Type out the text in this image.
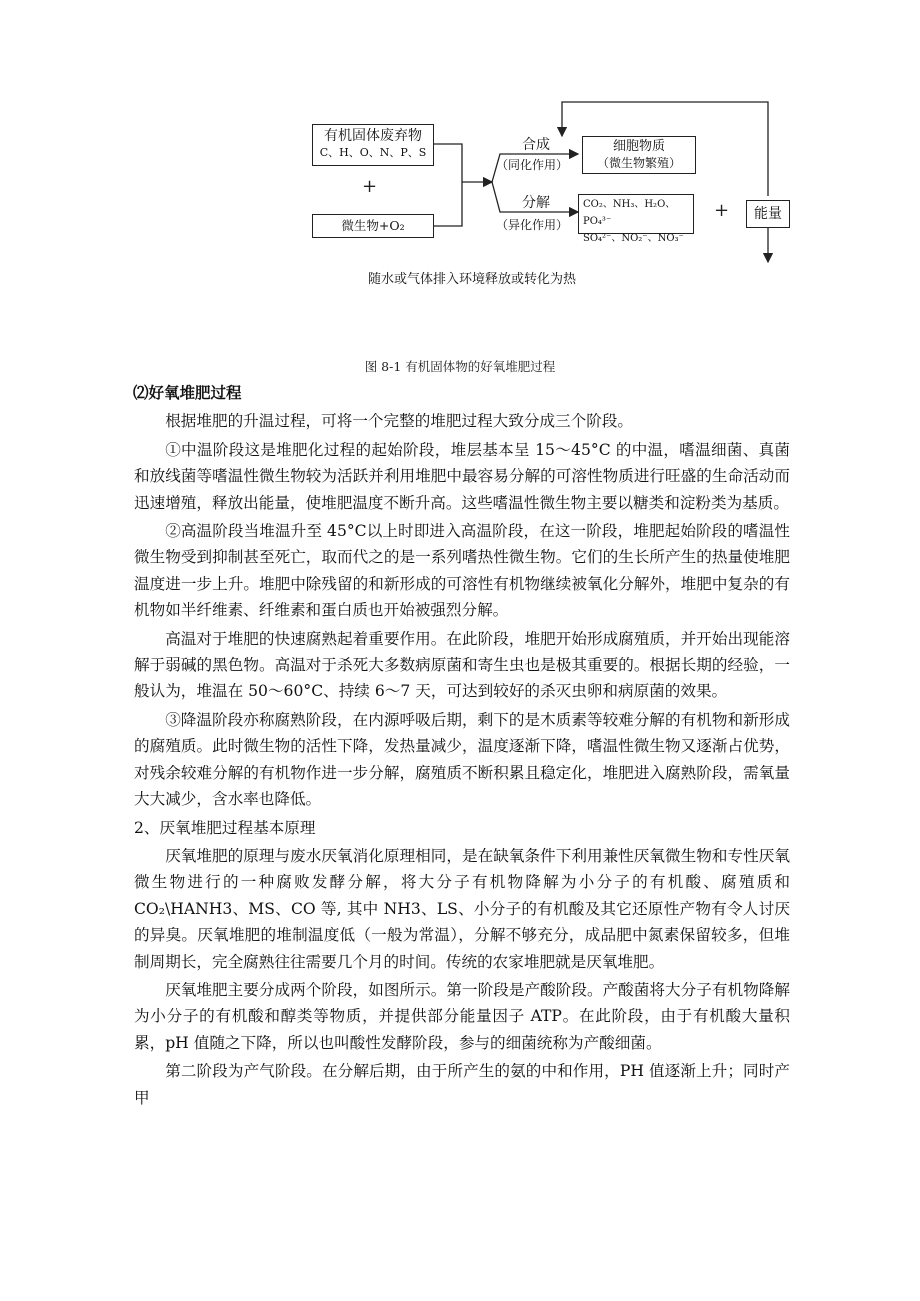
有机固体废弃物
C、H、O、N、P、S
+
微生物+O₂
合成
（同化作用）
细胞物质
（微生物繁殖）
分解
（异化作用）
CO₂、NH₃、H₂O、PO₄³⁻
SO₄²⁻、NO₂⁻、NO₃⁻
+	能量
随水或气体排入环境释放或转化为热
图 8-1 有机固体物的好氧堆肥过程

⑵好氧堆肥过程

根据堆肥的升温过程，可将一个完整的堆肥过程大致分成三个阶段。

①中温阶段这是堆肥化过程的起始阶段，堆层基本呈 15～45°C 的中温，嗜温细菌、真菌和放线菌等嗜温性微生物较为活跃并利用堆肥中最容易分解的可溶性物质进行旺盛的生命活动而迅速增殖，释放出能量，使堆肥温度不断升高。这些嗜温性微生物主要以糖类和淀粉类为基质。

②高温阶段当堆温升至 45°C以上时即进入高温阶段，在这一阶段，堆肥起始阶段的嗜温性微生物受到抑制甚至死亡，取而代之的是一系列嗜热性微生物。它们的生长所产生的热量使堆肥温度进一步上升。堆肥中除残留的和新形成的可溶性有机物继续被氧化分解外，堆肥中复杂的有机物如半纤维素、纤维素和蛋白质也开始被强烈分解。

高温对于堆肥的快速腐熟起着重要作用。在此阶段，堆肥开始形成腐殖质，并开始出现能溶解于弱碱的黑色物。高温对于杀死大多数病原菌和寄生虫也是极其重要的。根据长期的经验，一般认为，堆温在 50～60°C、持续 6～7 天，可达到较好的杀灭虫卵和病原菌的效果。

③降温阶段亦称腐熟阶段，在内源呼吸后期，剩下的是木质素等较难分解的有机物和新形成的腐殖质。此时微生物的活性下降，发热量减少，温度逐渐下降，嗜温性微生物又逐渐占优势，对残余较难分解的有机物作进一步分解，腐殖质不断积累且稳定化，堆肥进入腐熟阶段，需氧量大大减少，含水率也降低。

2、厌氧堆肥过程基本原理

厌氧堆肥的原理与废水厌氧消化原理相同，是在缺氧条件下利用兼性厌氧微生物和专性厌氧微生物进行的一种腐败发酵分解，将大分子有机物降解为小分子的有机酸、腐殖质和CO₂\HANH3、MS、CO 等, 其中 NH3、LS、小分子的有机酸及其它还原性产物有令人讨厌的异臭。厌氧堆肥的堆制温度低（一般为常温），分解不够充分，成品肥中氮素保留较多，但堆制周期长，完全腐熟往往需要几个月的时间。传统的农家堆肥就是厌氧堆肥。

厌氧堆肥主要分成两个阶段，如图所示。第一阶段是产酸阶段。产酸菌将大分子有机物降解为小分子的有机酸和醇类等物质，并提供部分能量因子 ATP。在此阶段，由于有机酸大量积累，pH 值随之下降，所以也叫酸性发酵阶段，参与的细菌统称为产酸细菌。

第二阶段为产气阶段。在分解后期，由于所产生的氨的中和作用，PH 值逐渐上升；同时产甲
